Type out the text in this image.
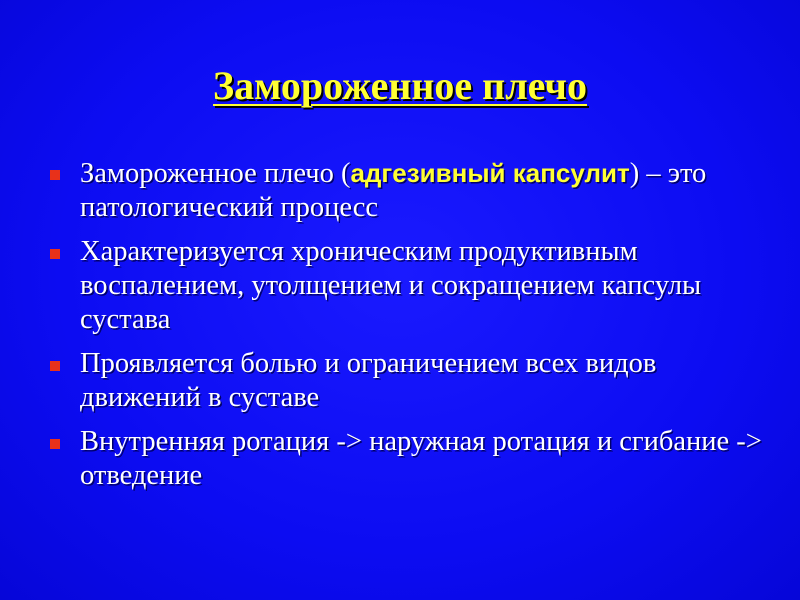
Замороженное плечо
Замороженное плечо (адгезивный капсулит) – это патологический процесс
Характеризуется хроническим продуктивным воспалением, утолщением и сокращением капсулы сустава
Проявляется болью и ограничением всех видов движений в суставе
Внутренняя ротация -> наружная ротация и сгибание -> отведение
